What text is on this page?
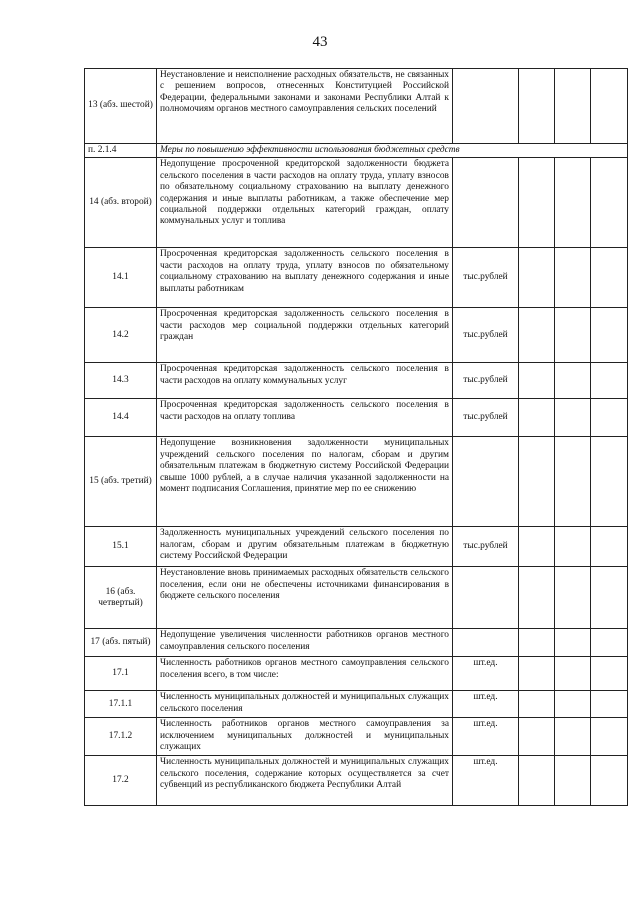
43
13 (абз. шестой)	Неустановление и неисполнение расходных обязательств, не связанных с решением вопросов, отнесенных Конституцией Российской Федерации, федеральными законами и законами Республики Алтай к полномочиям органов местного самоуправления сельских поселений				
п. 2.1.4	Меры по повышению эффективности использования бюджетных средств				
14 (абз. второй)	Недопущение просроченной кредиторской задолженности бюджета сельского поселения в части расходов на оплату труда, уплату взносов по обязательному социальному страхованию на выплату денежного содержания и иные выплаты работникам, а также обеспечение мер социальной поддержки отдельных категорий граждан, оплату коммунальных услуг и топлива				
14.1	Просроченная кредиторская задолженность сельского поселения в части расходов на оплату труда, уплату взносов по обязательному социальному страхованию на выплату денежного содержания и иные выплаты работникам	тыс.рублей			
14.2	Просроченная кредиторская задолженность сельского поселения в части расходов мер социальной поддержки отдельных категорий граждан	тыс.рублей			
14.3	Просроченная кредиторская задолженность сельского поселения в части расходов на оплату коммунальных услуг	тыс.рублей			
14.4	Просроченная кредиторская задолженность сельского поселения в части расходов на оплату топлива	тыс.рублей			
15 (абз. третий)	Недопущение возникновения задолженности муниципальных учреждений сельского поселения по налогам, сборам и другим обязательным платежам в бюджетную систему Российской Федерации свыше 1000 рублей, а в случае наличия указанной задолженности на момент подписания Соглашения, принятие мер по ее снижению				
15.1	Задолженность муниципальных учреждений сельского поселения по налогам, сборам и другим обязательным платежам в бюджетную систему Российской Федерации	тыс.рублей			
16 (абз. четвертый)	Неустановление вновь принимаемых расходных обязательств сельского поселения, если они не обеспечены источниками финансирования в бюджете сельского поселения				
17 (абз. пятый)	Недопущение увеличения численности работников органов местного самоуправления сельского поселения				
17.1	Численность работников органов местного самоуправления сельского поселения всего, в том числе:	шт.ед.			
17.1.1	Численность муниципальных должностей и муниципальных служащих сельского поселения	шт.ед.			
17.1.2	Численность работников органов местного самоуправления за исключением муниципальных должностей и муниципальных служащих	шт.ед.			
17.2	Численность муниципальных должностей и муниципальных служащих сельского поселения, содержание которых осуществляется за счет субвенций из республиканского бюджета Республики Алтай	шт.ед.			
